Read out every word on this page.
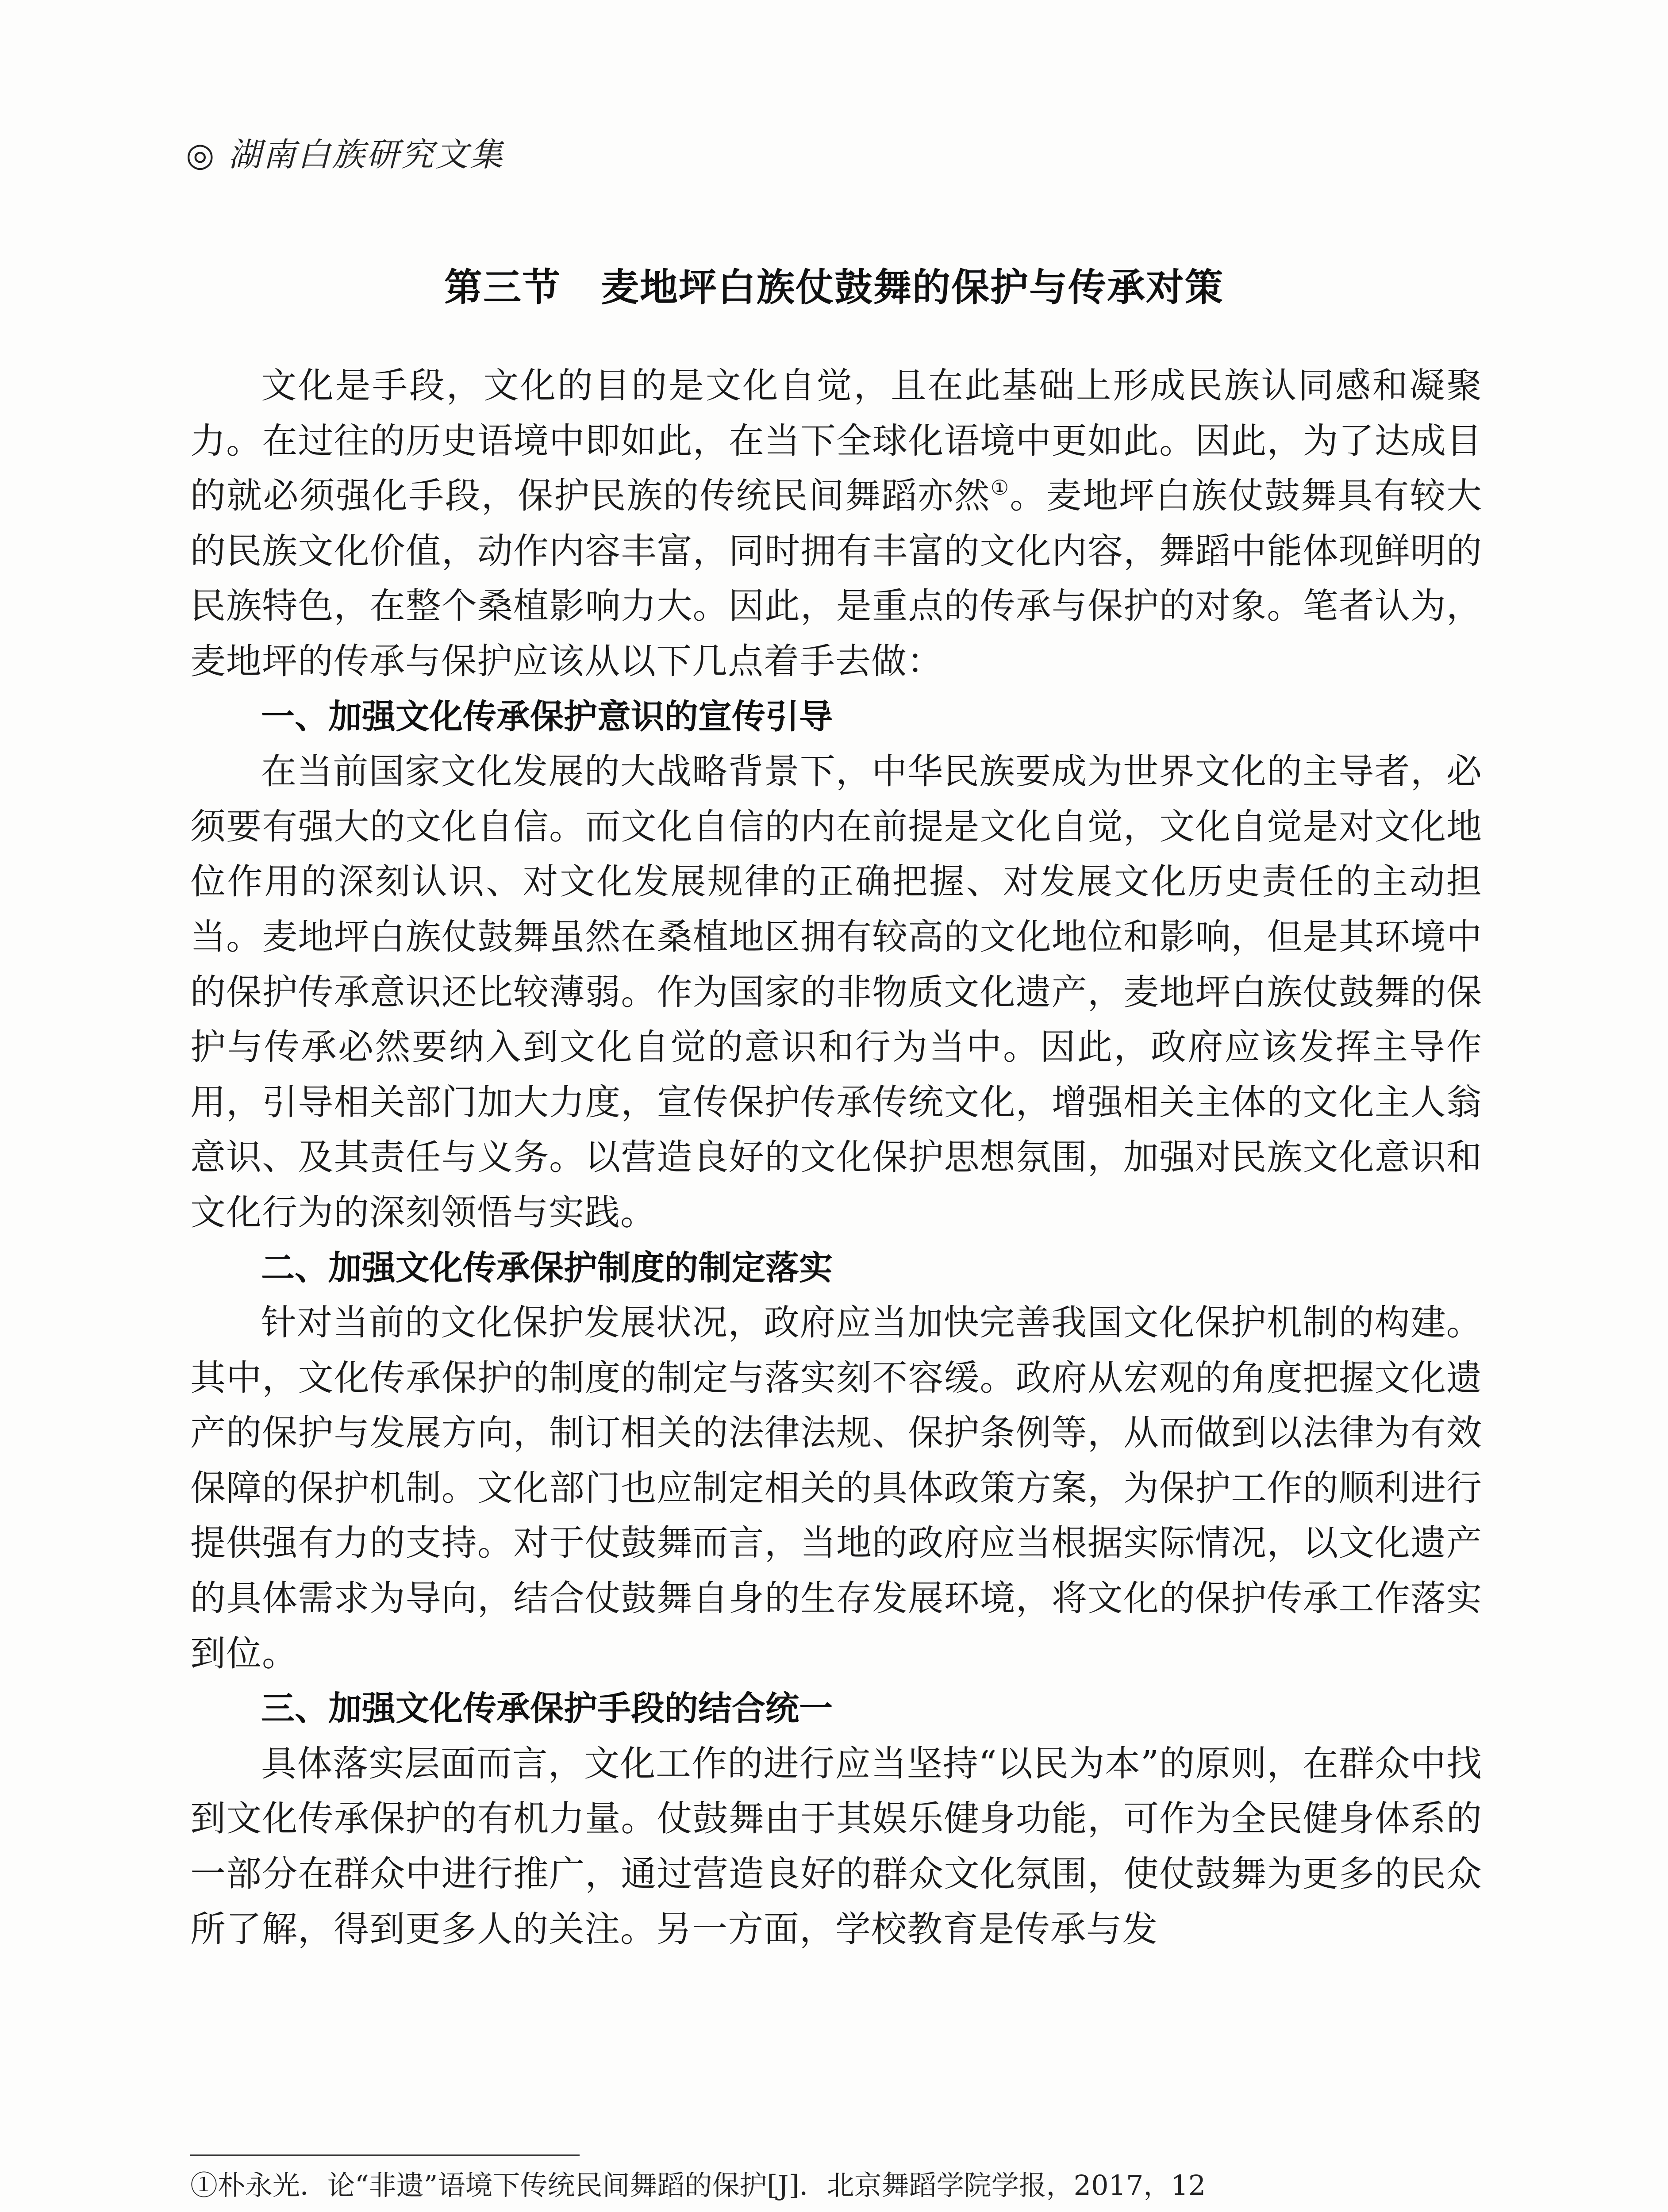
◎ 湖南白族研究文集
第三节 麦地坪白族仗鼓舞的保护与传承对策

文化是手段，文化的目的是文化自觉，且在此基础上形成民族认同感和凝聚力。在过往的历史语境中即如此，在当下全球化语境中更如此。因此，为了达成目的就必须强化手段，保护民族的传统民间舞蹈亦然①。麦地坪白族仗鼓舞具有较大的民族文化价值，动作内容丰富，同时拥有丰富的文化内容，舞蹈中能体现鲜明的民族特色，在整个桑植影响力大。因此，是重点的传承与保护的对象。笔者认为，麦地坪的传承与保护应该从以下几点着手去做：

一、加强文化传承保护意识的宣传引导

在当前国家文化发展的大战略背景下，中华民族要成为世界文化的主导者，必须要有强大的文化自信。而文化自信的内在前提是文化自觉，文化自觉是对文化地位作用的深刻认识、对文化发展规律的正确把握、对发展文化历史责任的主动担当。麦地坪白族仗鼓舞虽然在桑植地区拥有较高的文化地位和影响，但是其环境中的保护传承意识还比较薄弱。作为国家的非物质文化遗产，麦地坪白族仗鼓舞的保护与传承必然要纳入到文化自觉的意识和行为当中。因此，政府应该发挥主导作用，引导相关部门加大力度，宣传保护传承传统文化，增强相关主体的文化主人翁意识、及其责任与义务。以营造良好的文化保护思想氛围，加强对民族文化意识和文化行为的深刻领悟与实践。

二、加强文化传承保护制度的制定落实

针对当前的文化保护发展状况，政府应当加快完善我国文化保护机制的构建。其中，文化传承保护的制度的制定与落实刻不容缓。政府从宏观的角度把握文化遗产的保护与发展方向，制订相关的法律法规、保护条例等，从而做到以法律为有效保障的保护机制。文化部门也应制定相关的具体政策方案，为保护工作的顺利进行提供强有力的支持。对于仗鼓舞而言，当地的政府应当根据实际情况，以文化遗产的具体需求为导向，结合仗鼓舞自身的生存发展环境，将文化的保护传承工作落实到位。

三、加强文化传承保护手段的结合统一

具体落实层面而言，文化工作的进行应当坚持“以民为本”的原则，在群众中找到文化传承保护的有机力量。仗鼓舞由于其娱乐健身功能，可作为全民健身体系的一部分在群众中进行推广，通过营造良好的群众文化氛围，使仗鼓舞为更多的民众所了解，得到更多人的关注。另一方面，学校教育是传承与发

①朴永光．论“非遗”语境下传统民间舞蹈的保护[J]．北京舞蹈学院学报，2017，12
